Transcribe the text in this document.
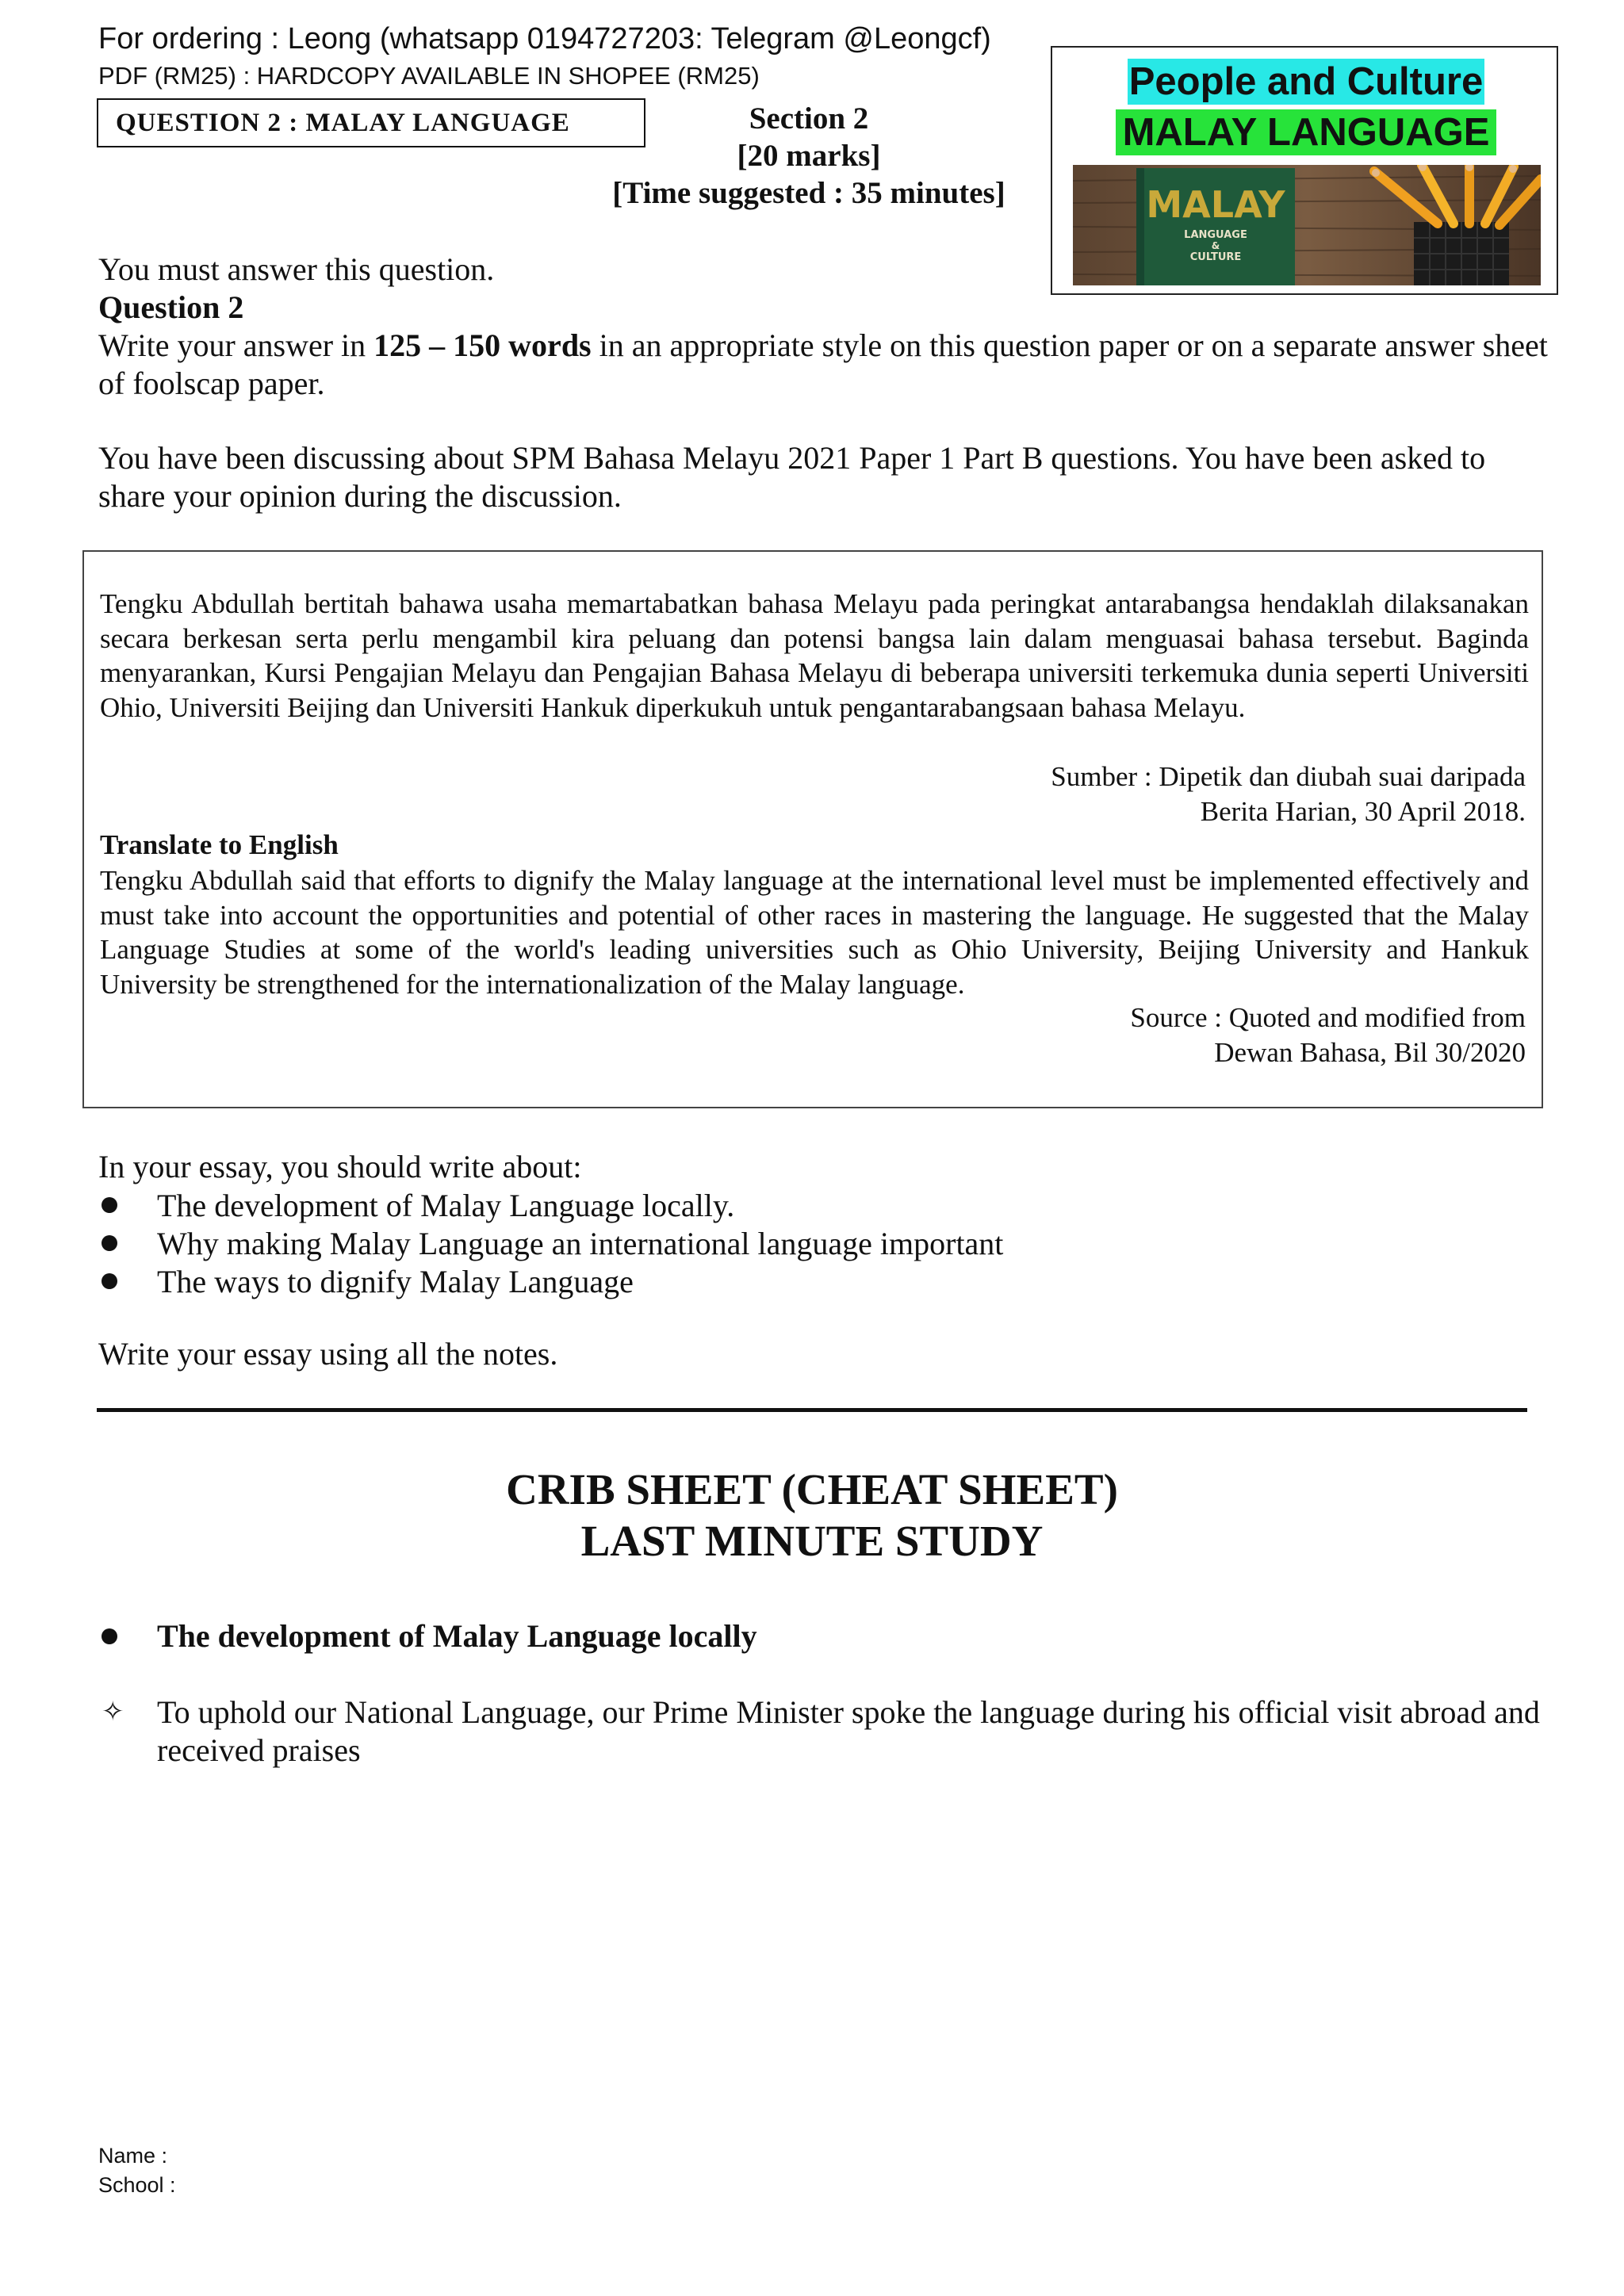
For ordering : Leong (whatsapp 0194727203: Telegram @Leongcf)
PDF (RM25) : HARDCOPY AVAILABLE IN SHOPEE (RM25)
QUESTION 2 : MALAY LANGUAGE	Section 2
[20 marks]
[Time suggested : 35 minutes]
People and Culture
MALAY LANGUAGE
MALAY
LANGUAGE
&
CULTURE
You must answer this question.
Question 2
Write your answer in 125 – 150 words in an appropriate style on this question paper or on a separate answer sheet of foolscap paper.
You have been discussing about SPM Bahasa Melayu 2021 Paper 1 Part B questions. You have been asked to share your opinion during the discussion.
Tengku Abdullah bertitah bahawa usaha memartabatkan bahasa Melayu pada peringkat antarabangsa hendaklah dilaksanakan secara berkesan serta perlu mengambil kira peluang dan potensi bangsa lain dalam menguasai bahasa tersebut. Baginda menyarankan, Kursi Pengajian Melayu dan Pengajian Bahasa Melayu di beberapa universiti terkemuka dunia seperti Universiti Ohio, Universiti Beijing dan Universiti Hankuk diperkukuh untuk pengantarabangsaan bahasa Melayu.
Sumber : Dipetik dan diubah suai daripada
Berita Harian, 30 April 2018.
Translate to English
Tengku Abdullah said that efforts to dignify the Malay language at the international level must be implemented effectively and must take into account the opportunities and potential of other races in mastering the language. He suggested that the Malay Language Studies at some of the world's leading universities such as Ohio University, Beijing University and Hankuk University be strengthened for the internationalization of the Malay language.
Source : Quoted and modified from
Dewan Bahasa, Bil 30/2020
In your essay, you should write about:
The development of Malay Language locally.
Why making Malay Language an international language important
The ways to dignify Malay Language
Write your essay using all the notes.
CRIB SHEET (CHEAT SHEET)
LAST MINUTE STUDY
The development of Malay Language locally
✧	To uphold our National Language, our Prime Minister spoke the language during his official visit abroad and received praises
Name :
School :
